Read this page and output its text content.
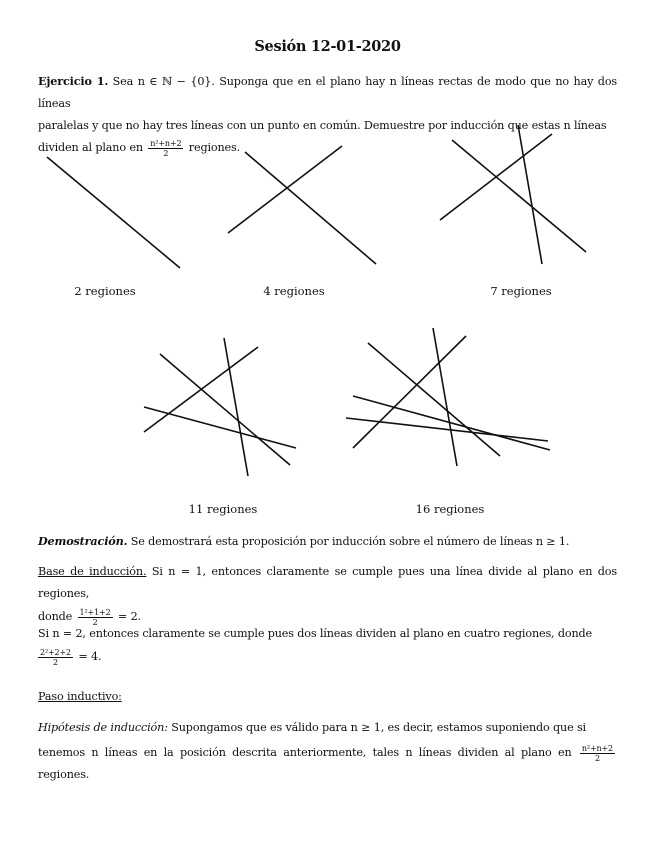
Sesión 12-01-2020
Ejercicio 1. Sea n ∈ ℕ − {0}. Suponga que en el plano hay n líneas rectas de modo que no hay dos líneas
paralelas y que no hay tres líneas con un punto en común. Demuestre por inducción que estas n líneas
dividen al plano en $\frac{\text{n²+n+2}}{2}$ regiones.
2 regiones	4 regiones	7 regiones
11 regiones	16 regiones
Demostración. Se demostrará esta proposición por inducción sobre el número de líneas n ≥ 1.
Base de inducción. Si n = 1, entonces claramente se cumple pues una línea divide al plano en dos regiones,
donde $\frac{\text{1²+1+2}}{2} = 2$.
Si n = 2, entonces claramente se cumple pues dos líneas dividen al plano en cuatro regiones, donde
$\frac{\text{2²+2+2}}{2} = 4$.
Paso inductivo:
Hipótesis de inducción: Supongamos que es válido para n ≥ 1, es decir, estamos suponiendo que si
tenemos n líneas en la posición descrita anteriormente, tales n líneas dividen al plano en $\frac{\text{n²+n+2}}{2}$
regiones.
